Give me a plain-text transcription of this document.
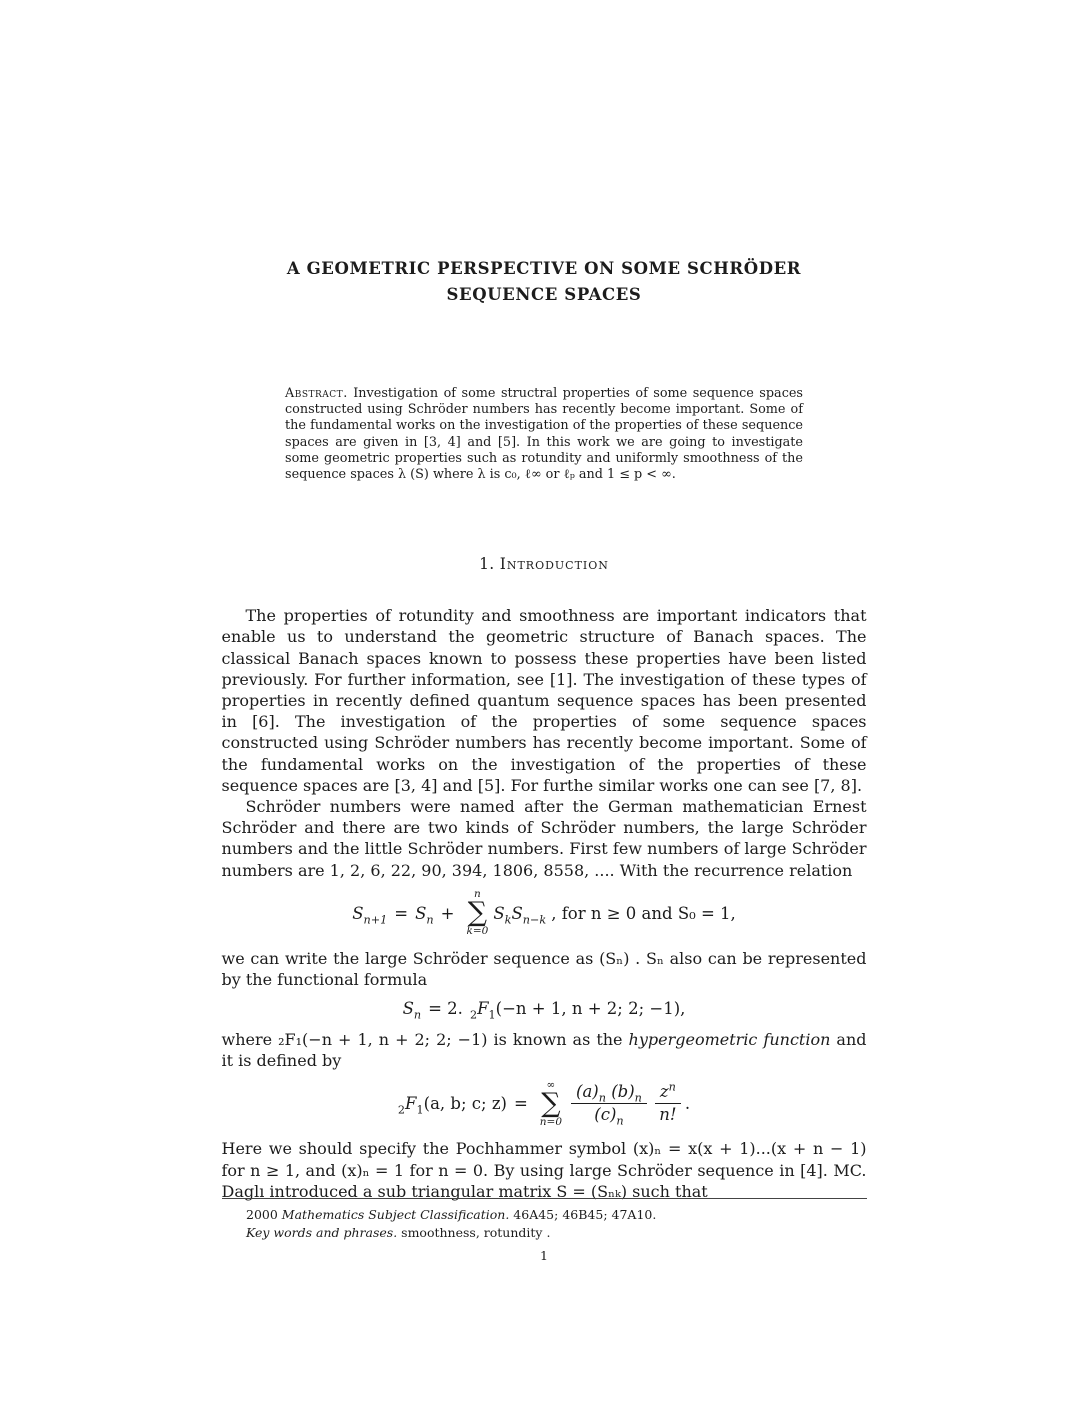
A GEOMETRIC PERSPECTIVE ON SOME SCHRÖDER
SEQUENCE SPACES
Abstract. Investigation of some structral properties of some sequence spaces constructed using Schröder numbers has recently become important. Some of the fundamental works on the investigation of the properties of these sequence spaces are given in [3, 4] and [5]. In this work we are going to investigate some geometric properties such as rotundity and uniformly smoothness of the sequence spaces λ (S) where λ is c₀, ℓ∞ or ℓₚ and 1 ≤ p < ∞.
1. Introduction

The properties of rotundity and smoothness are important indicators that enable us to understand the geometric structure of Banach spaces. The classical Banach spaces known to possess these properties have been listed previously. For further information, see [1]. The investigation of these types of properties in recently defined quantum sequence spaces has been presented in [6]. The investigation of the properties of some sequence spaces constructed using Schröder numbers has recently become important. Some of the fundamental works on the investigation of the properties of these sequence spaces are [3, 4] and [5]. For furthe similar works one can see [7, 8].

Schröder numbers were named after the German mathematician Ernest Schröder and there are two kinds of Schröder numbers, the large Schröder numbers and the little Schröder numbers. First few numbers of large Schröder numbers are 1, 2, 6, 22, 90, 394, 1806, 8558, .... With the recurrence relation

$S_{n+1} = S_n$ +
n
∑
k=0
$S_k$ $S_{n-k}$ , for n ≥ 0 and S₀ = 1,

we can write the large Schröder sequence as (Sₙ) . Sₙ also can be represented by the functional formula

$S_n = 2$. $_2F_1$ (−n + 1, n + 2; 2; −1),

where ₂F₁(−n + 1, n + 2; 2; −1) is known as the hypergeometric function and it is defined by

$_2F_1(a$, b; c; z) =
∞
∑
$n=0 \frac{(a)_n (b)_n}{(c)_n} \frac{z^n}{n!}$ .

Here we should specify the Pochhammer symbol (x)ₙ = x(x + 1)...(x + n − 1) for n ≥ 1, and (x)ₙ = 1 for n = 0. By using large Schröder sequence in [4]. MC. Daglı introduced a sub triangular matrix S = (Sₙₖ) such that

2000 Mathematics Subject Classification. 46A45; 46B45; 47A10.
Key words and phrases. smoothness, rotundity .
1
